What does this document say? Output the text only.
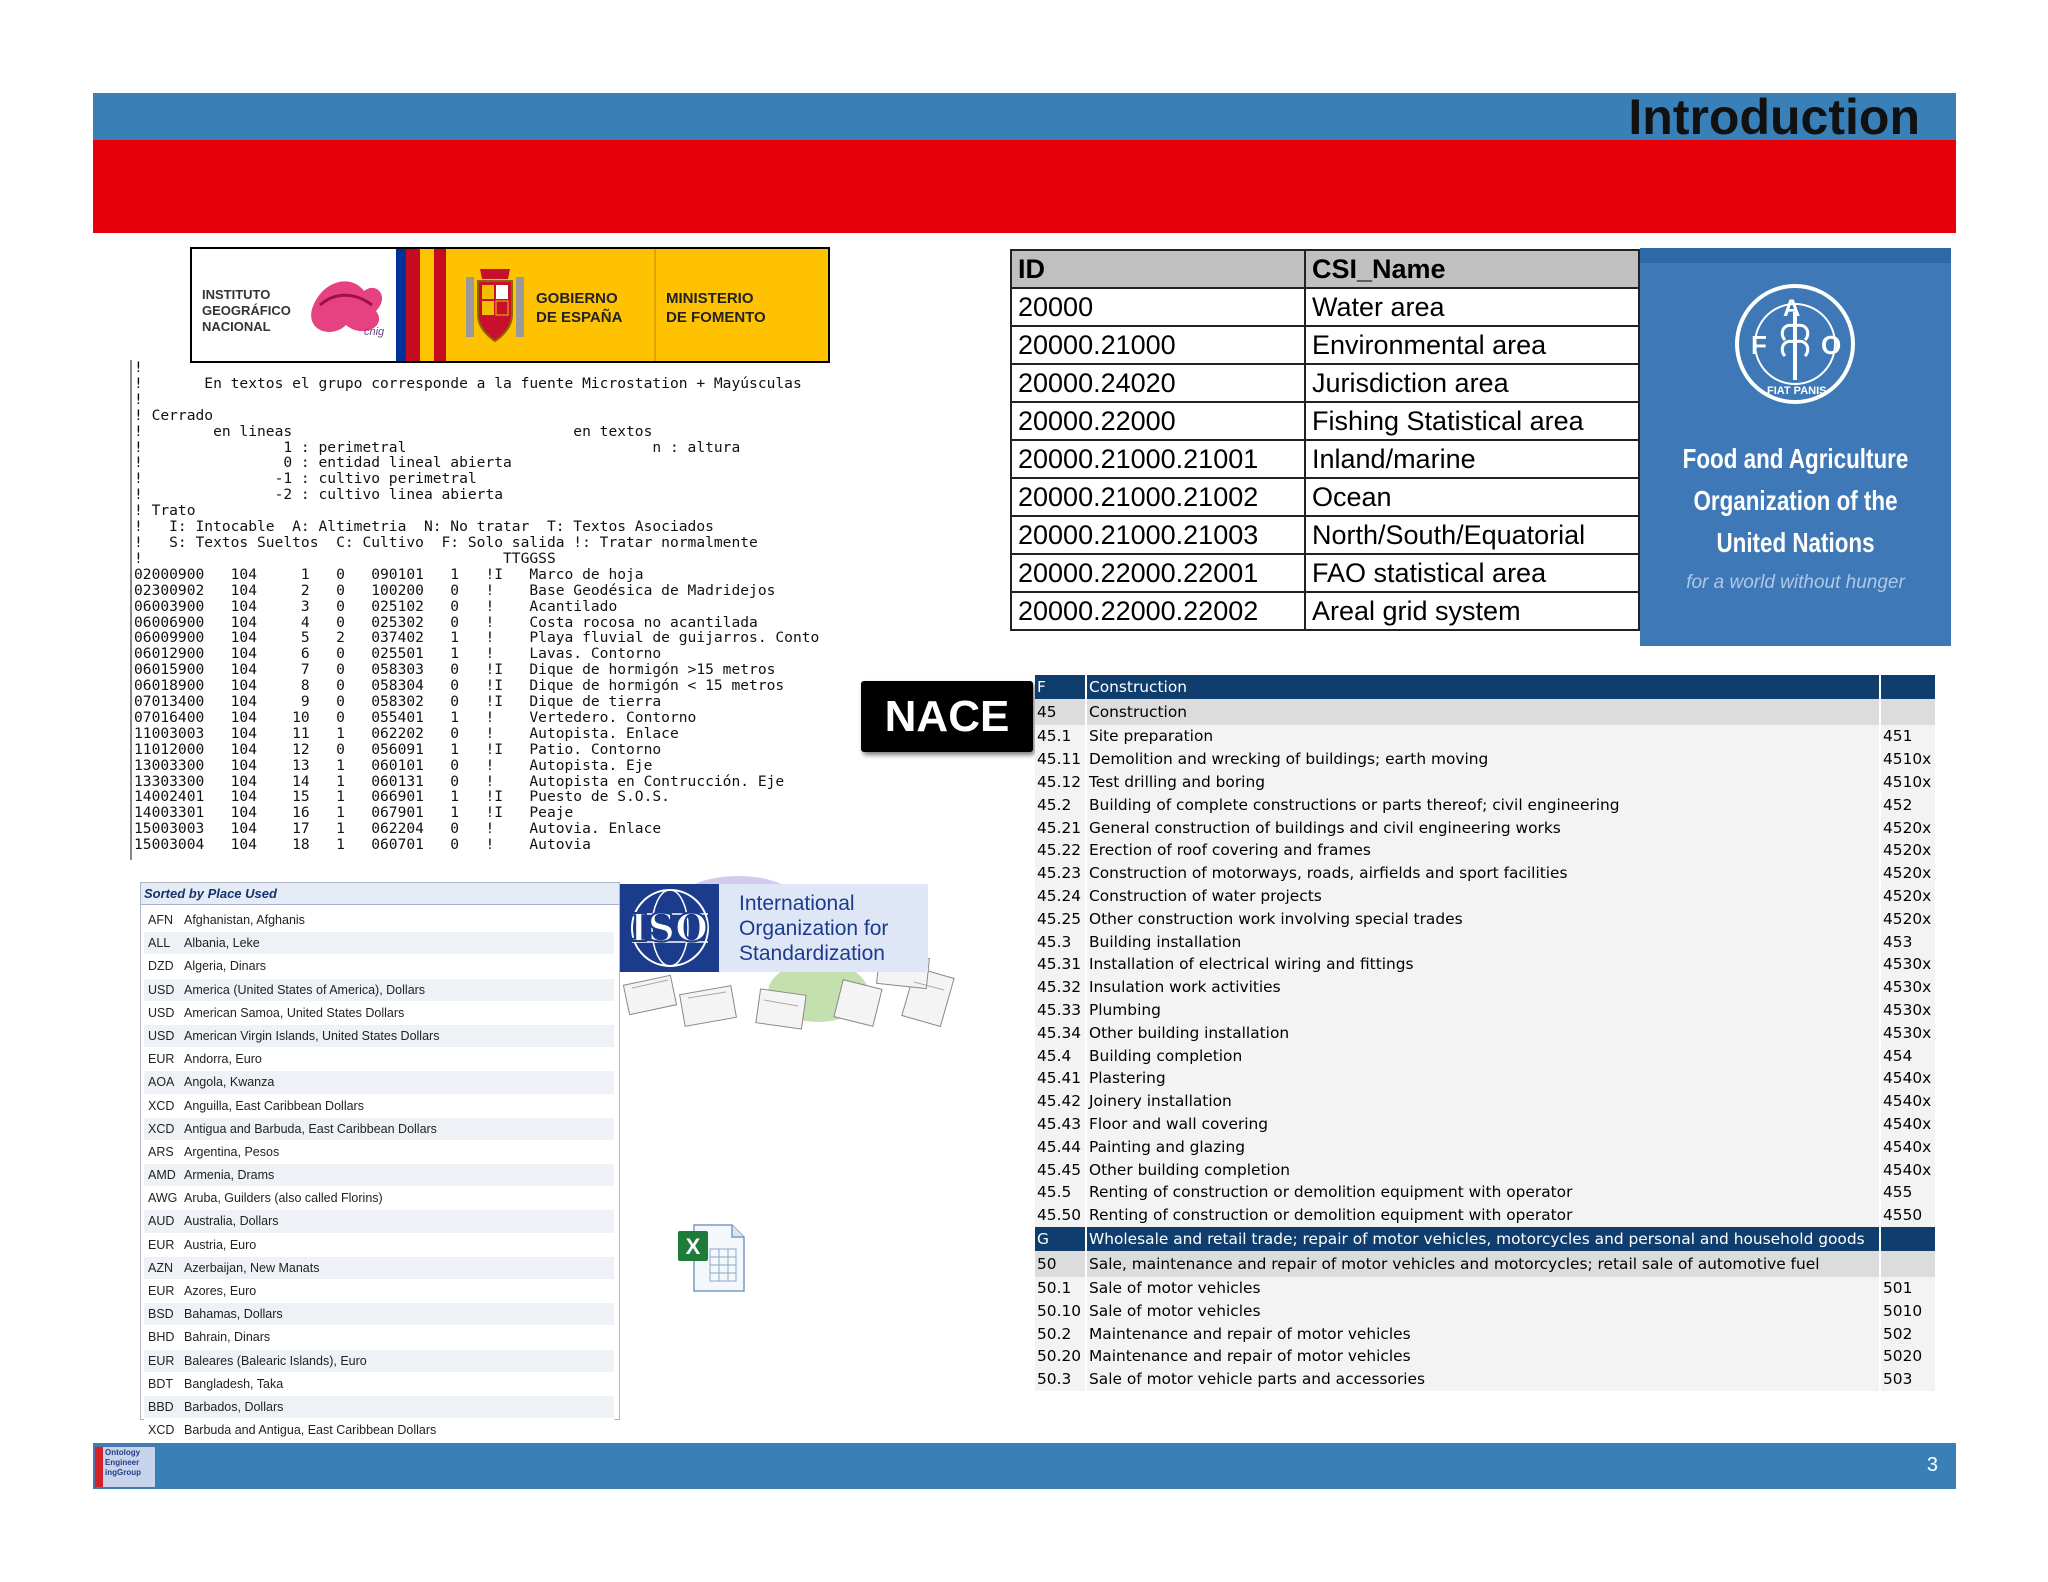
Introduction
INSTITUTO
GEOGRÁFICO
NACIONAL	cnig
GOBIERNO
DE ESPAÑA
MINISTERIO
DE FOMENTO
!
!       En textos el grupo corresponde a la fuente Microstation + Mayúsculas
!
! Cerrado
!        en lineas                                en textos
!                1 : perimetral                            n : altura
!                0 : entidad lineal abierta
!               -1 : cultivo perimetral
!               -2 : cultivo linea abierta
! Trato
!   I: Intocable  A: Altimetria  N: No tratar  T: Textos Asociados
!   S: Textos Sueltos  C: Cultivo  F: Solo salida !: Tratar normalmente
!                                         TTGGSS
02000900   104     1   0   090101   1   !I   Marco de hoja
02300902   104     2   0   100200   0   !    Base Geodésica de Madridejos
06003900   104     3   0   025102   0   !    Acantilado
06006900   104     4   0   025302   0   !    Costa rocosa no acantilada
06009900   104     5   2   037402   1   !    Playa fluvial de guijarros. Conto
06012900   104     6   0   025501   1   !    Lavas. Contorno
06015900   104     7   0   058303   0   !I   Dique de hormigón >15 metros
06018900   104     8   0   058304   0   !I   Dique de hormigón < 15 metros
07013400   104     9   0   058302   0   !I   Dique de tierra
07016400   104    10   0   055401   1   !    Vertedero. Contorno
11003003   104    11   1   062202   0   !    Autopista. Enlace
11012000   104    12   0   056091   1   !I   Patio. Contorno
13003300   104    13   1   060101   0   !    Autopista. Eje
13303300   104    14   1   060131   0   !    Autopista en Contrucción. Eje
14002401   104    15   1   066901   1   !I   Puesto de S.O.S.
14003301   104    16   1   067901   1   !I   Peaje
15003003   104    17   1   062204   0   !    Autovia. Enlace
15003004   104    18   1   060701   0   !    Autovia
ID	CSI_Name
20000	Water area
20000.21000	Environmental area
20000.24020	Jurisdiction area
20000.22000	Fishing Statistical area
20000.21000.21001	Inland/marine
20000.21000.21002	Ocean
20000.21000.21003	North/South/Equatorial
20000.22000.22001	FAO statistical area
20000.22000.22002	Areal grid system
F
A
O
FIAT PANIS
Food and Agriculture
Organization of the
United Nations
for a world without hunger
NACE
F	Construction	
45	Construction	
45.1	Site preparation	451
45.11	Demolition and wrecking of buildings; earth moving	4510x
45.12	Test drilling and boring	4510x
45.2	Building of complete constructions or parts thereof; civil engineering	452
45.21	General construction of buildings and civil engineering works	4520x
45.22	Erection of roof covering and frames	4520x
45.23	Construction of motorways, roads, airfields and sport facilities	4520x
45.24	Construction of water projects	4520x
45.25	Other construction work involving special trades	4520x
45.3	Building installation	453
45.31	Installation of electrical wiring and fittings	4530x
45.32	Insulation work activities	4530x
45.33	Plumbing	4530x
45.34	Other building installation	4530x
45.4	Building completion	454
45.41	Plastering	4540x
45.42	Joinery installation	4540x
45.43	Floor and wall covering	4540x
45.44	Painting and glazing	4540x
45.45	Other building completion	4540x
45.5	Renting of construction or demolition equipment with operator	455
45.50	Renting of construction or demolition equipment with operator	4550
G	Wholesale and retail trade; repair of motor vehicles, motorcycles and personal and household goods	
50	Sale, maintenance and repair of motor vehicles and motorcycles; retail sale of automotive fuel	
50.1	Sale of motor vehicles	501
50.10	Sale of motor vehicles	5010
50.2	Maintenance and repair of motor vehicles	502
50.20	Maintenance and repair of motor vehicles	5020
50.3	Sale of motor vehicle parts and accessories	503
Sorted by Place Used
AFN Afghanistan, Afghanis
ALL Albania, Leke
DZD Algeria, Dinars
USD America (United States of America), Dollars
USD American Samoa, United States Dollars
USD American Virgin Islands, United States Dollars
EUR Andorra, Euro
AOA Angola, Kwanza
XCD Anguilla, East Caribbean Dollars
XCD Antigua and Barbuda, East Caribbean Dollars
ARS Argentina, Pesos
AMD Armenia, Drams
AWG Aruba, Guilders (also called Florins)
AUD Australia, Dollars
EUR Austria, Euro
AZN Azerbaijan, New Manats
EUR Azores, Euro
BSD Bahamas, Dollars
BHD Bahrain, Dinars
EUR Baleares (Balearic Islands), Euro
BDT Bangladesh, Taka
BBD Barbados, Dollars
XCD Barbuda and Antigua, East Caribbean Dollars
ISO
International
Organization for
Standardization
X
Ontology
Engineer
ingGroup	3
